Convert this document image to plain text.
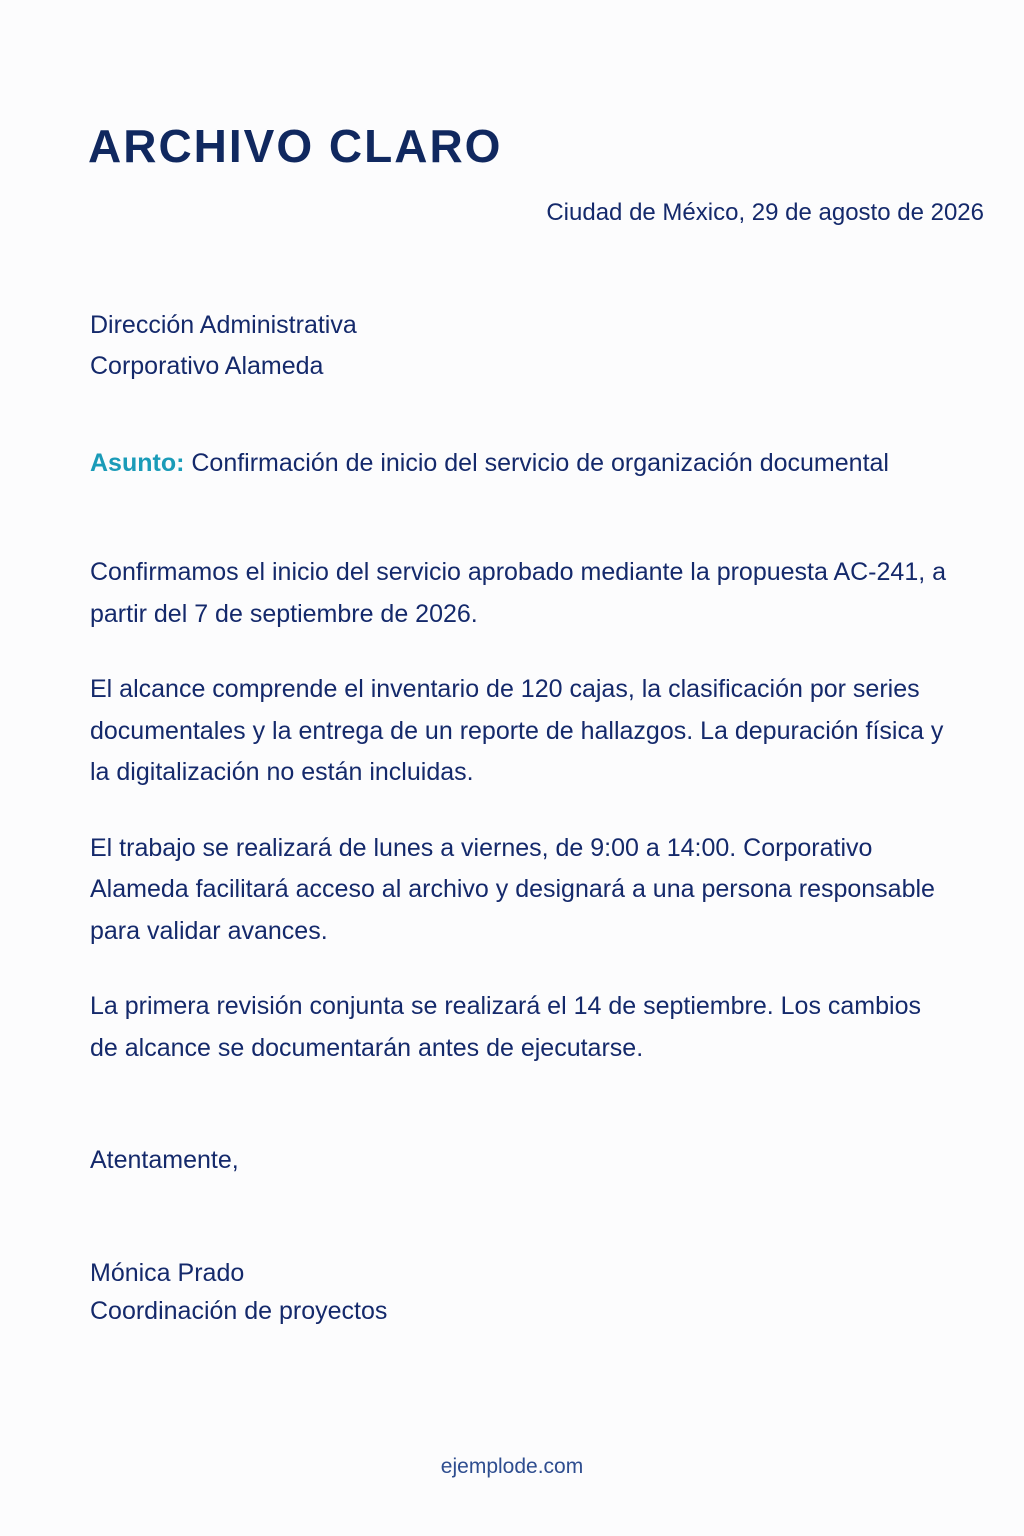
ARCHIVO CLARO
Ciudad de México, 29 de agosto de 2026
Dirección Administrativa
Corporativo Alameda
Asunto: Confirmación de inicio del servicio de organización documental

Confirmamos el inicio del servicio aprobado mediante la propuesta AC-241, a partir del 7 de septiembre de 2026.

El alcance comprende el inventario de 120 cajas, la clasificación por series documentales y la entrega de un reporte de hallazgos. La depuración física y la digitalización no están incluidas.

El trabajo se realizará de lunes a viernes, de 9:00 a 14:00. Corporativo Alameda facilitará acceso al archivo y designará a una persona responsable para validar avances.

La primera revisión conjunta se realizará el 14 de septiembre. Los cambios de alcance se documentarán antes de ejecutarse.

Atentamente,
Mónica Prado
Coordinación de proyectos
ejemplode.com
